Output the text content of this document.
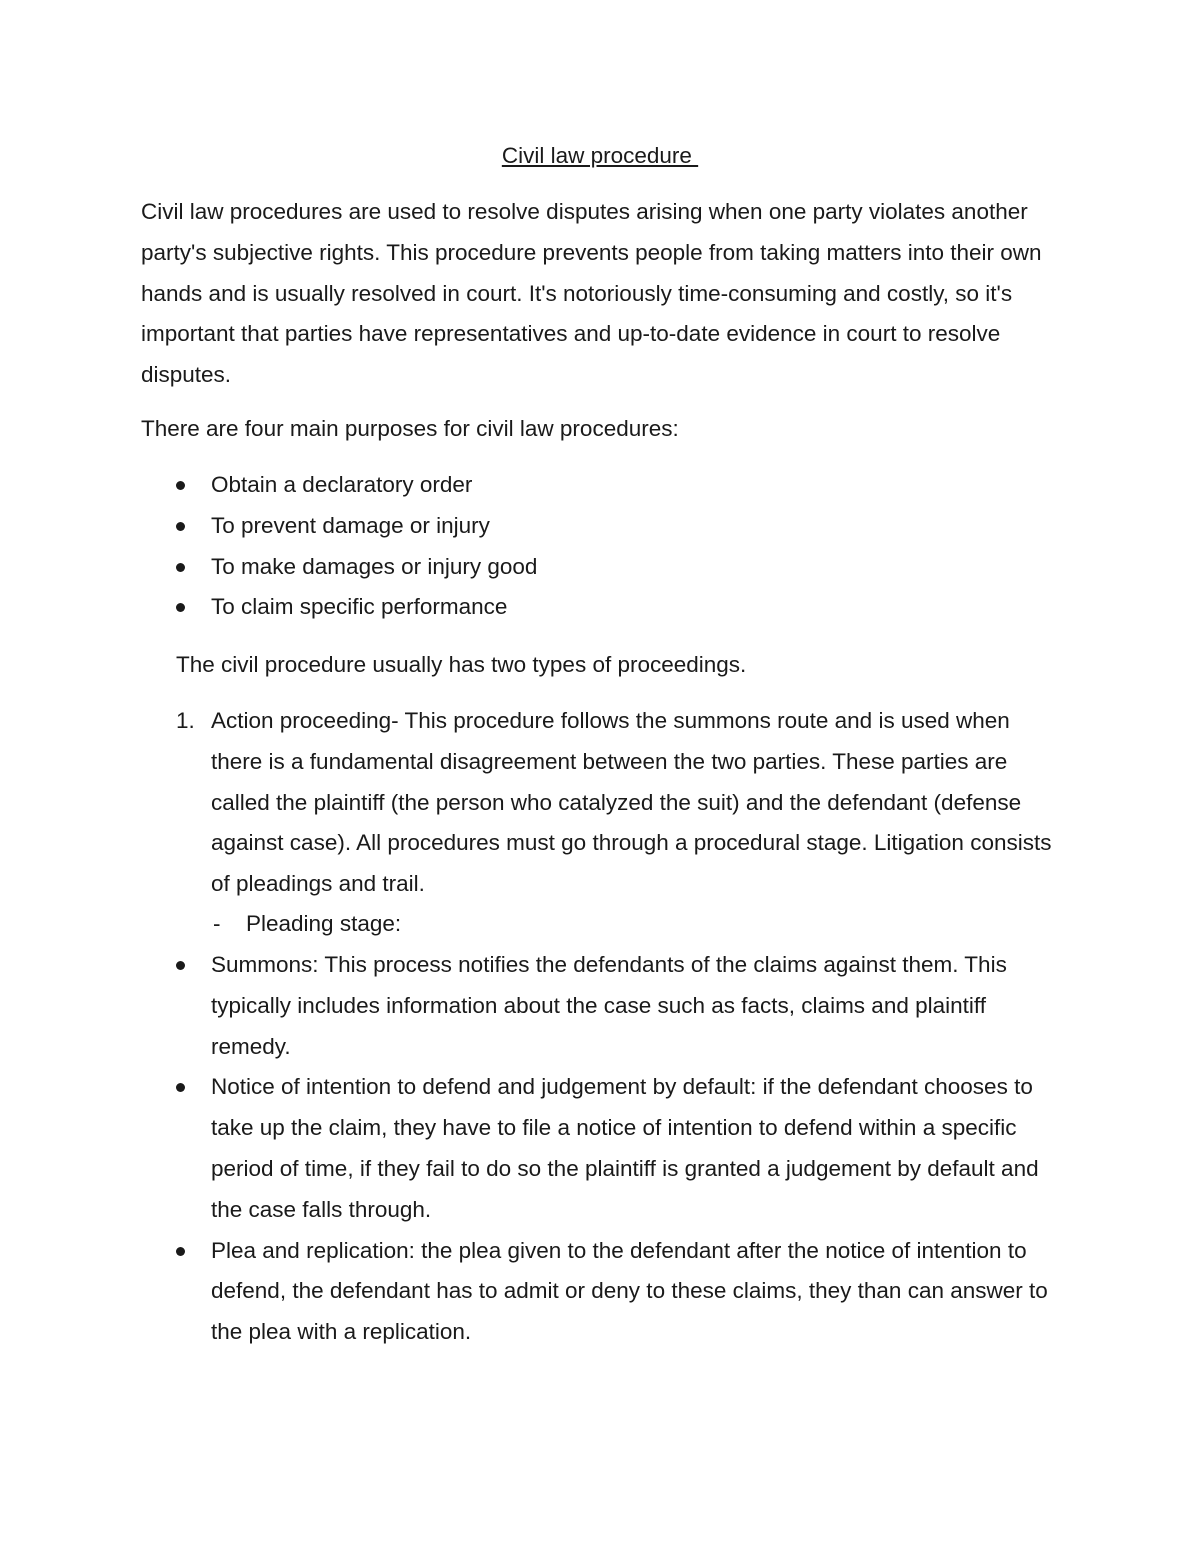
Civil law procedure

Civil law procedures are used to resolve disputes arising when one party violates another party's subjective rights. This procedure prevents people from taking matters into their own hands and is usually resolved in court. It's notoriously time-consuming and costly, so it's important that parties have representatives and up-to-date evidence in court to resolve disputes.

There are four main purposes for civil law procedures:

Obtain a declaratory order
To prevent damage or injury
To make damages or injury good
To claim specific performance

The civil procedure usually has two types of proceedings.

1. Action proceeding- This procedure follows the summons route and is used when there is a fundamental disagreement between the two parties. These parties are called the plaintiff (the person who catalyzed the suit) and the defendant (defense against case). All procedures must go through a procedural stage. Litigation consists of pleadings and trail.
- Pleading stage:
Summons: This process notifies the defendants of the claims against them. This typically includes information about the case such as facts, claims and plaintiff remedy.
Notice of intention to defend and judgement by default: if the defendant chooses to take up the claim, they have to file a notice of intention to defend within a specific period of time, if they fail to do so the plaintiff is granted a judgement by default and the case falls through.
Plea and replication: the plea given to the defendant after the notice of intention to defend, the defendant has to admit or deny to these claims, they than can answer to the plea with a replication.
